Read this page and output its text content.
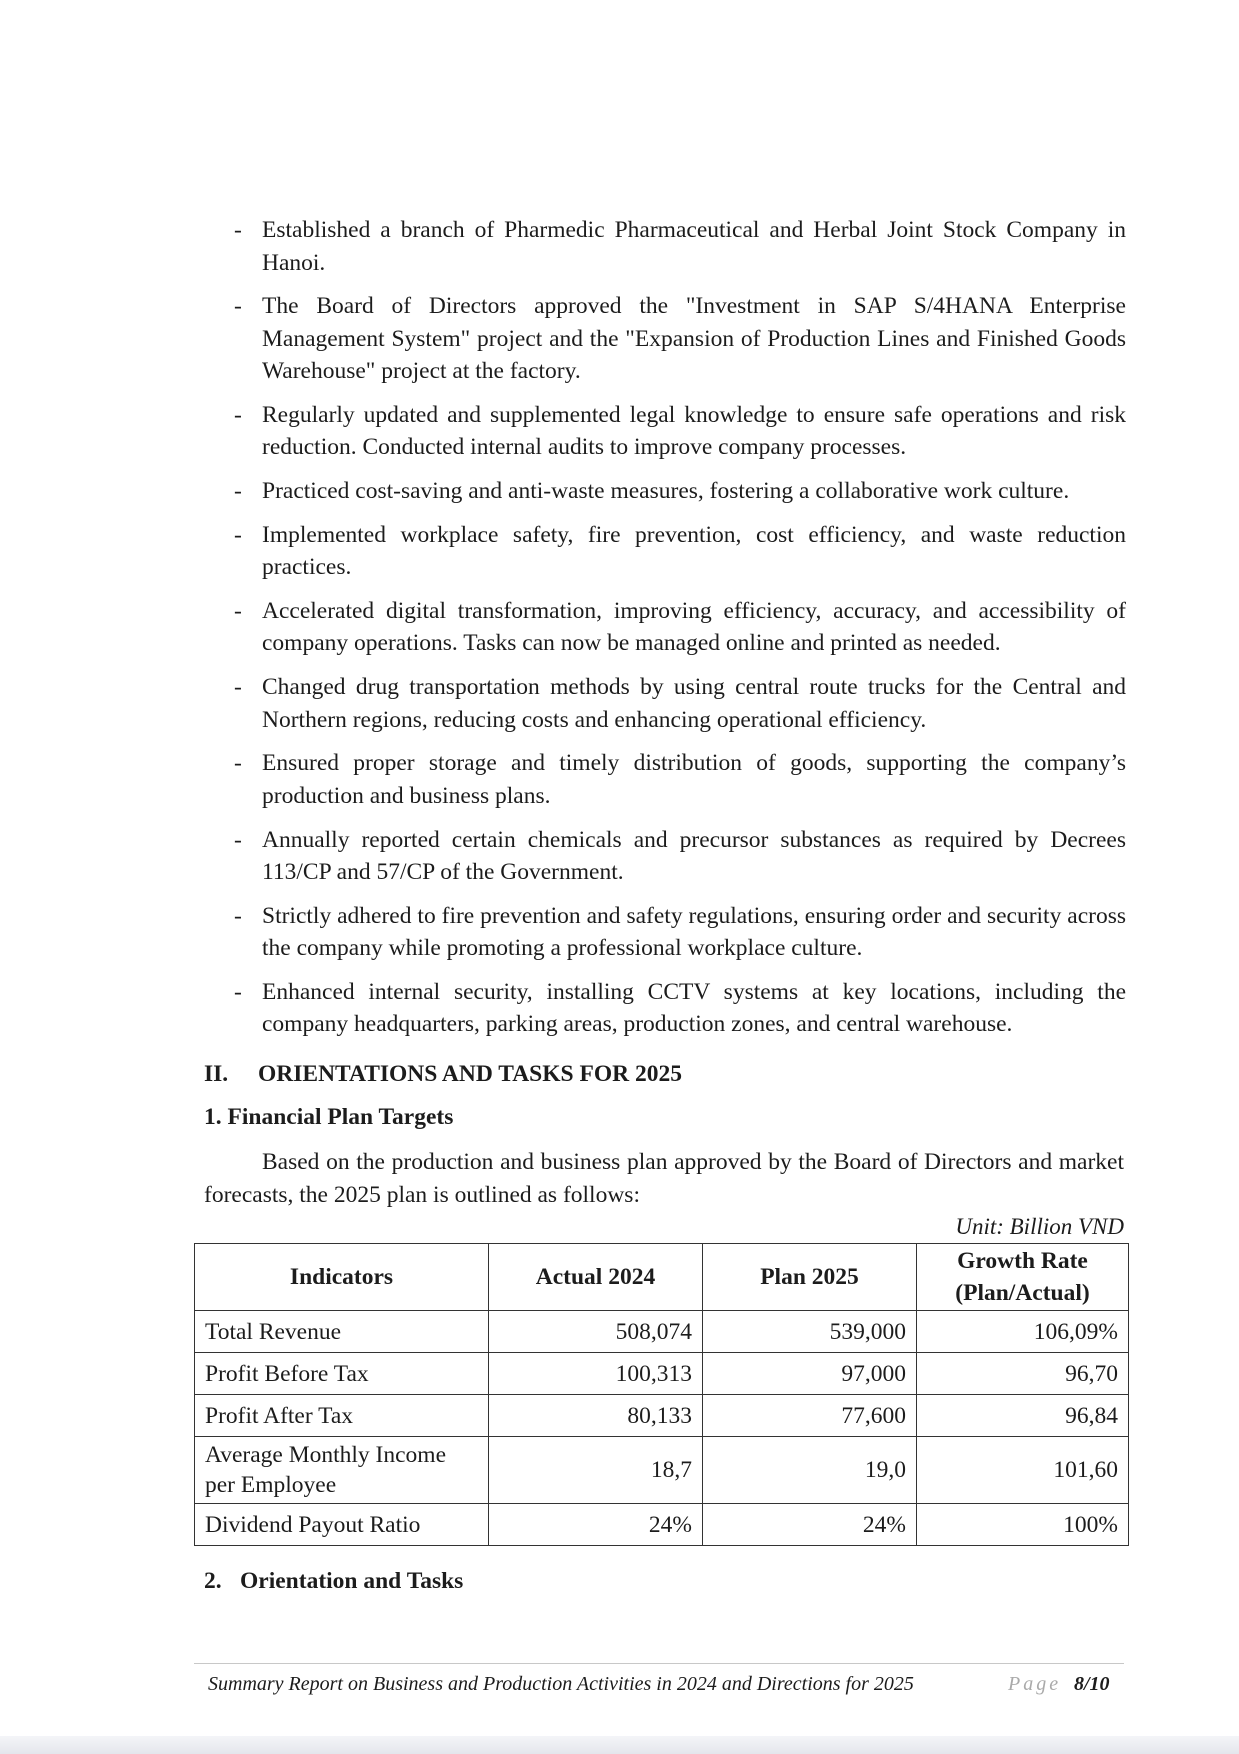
- Established a branch of Pharmedic Pharmaceutical and Herbal Joint Stock Company in Hanoi.
- The Board of Directors approved the "Investment in SAP S/4HANA Enterprise Management System" project and the "Expansion of Production Lines and Finished Goods Warehouse" project at the factory.
- Regularly updated and supplemented legal knowledge to ensure safe operations and risk reduction. Conducted internal audits to improve company processes.
- Practiced cost-saving and anti-waste measures, fostering a collaborative work culture.
- Implemented workplace safety, fire prevention, cost efficiency, and waste reduction practices.
- Accelerated digital transformation, improving efficiency, accuracy, and accessibility of company operations. Tasks can now be managed online and printed as needed.
- Changed drug transportation methods by using central route trucks for the Central and Northern regions, reducing costs and enhancing operational efficiency.
- Ensured proper storage and timely distribution of goods, supporting the company’s production and business plans.
- Annually reported certain chemicals and precursor substances as required by Decrees 113/CP and 57/CP of the Government.
- Strictly adhered to fire prevention and safety regulations, ensuring order and security across the company while promoting a professional workplace culture.
- Enhanced internal security, installing CCTV systems at key locations, including the company headquarters, parking areas, production zones, and central warehouse.
II. ORIENTATIONS AND TASKS FOR 2025
1. Financial Plan Targets
Based on the production and business plan approved by the Board of Directors and market forecasts, the 2025 plan is outlined as follows:
Unit: Billion VND
Indicators	Actual 2024	Plan 2025	Growth Rate (Plan/Actual)
Total Revenue	508,074	539,000	106,09%
Profit Before Tax	100,313	97,000	96,70
Profit After Tax	80,133	77,600	96,84
Average Monthly Income per Employee	18,7	19,0	101,60
Dividend Payout Ratio	24%	24%	100%
2. Orientation and Tasks
Summary Report on Business and Production Activities in 2024 and Directions for 2025	Page 8/10
